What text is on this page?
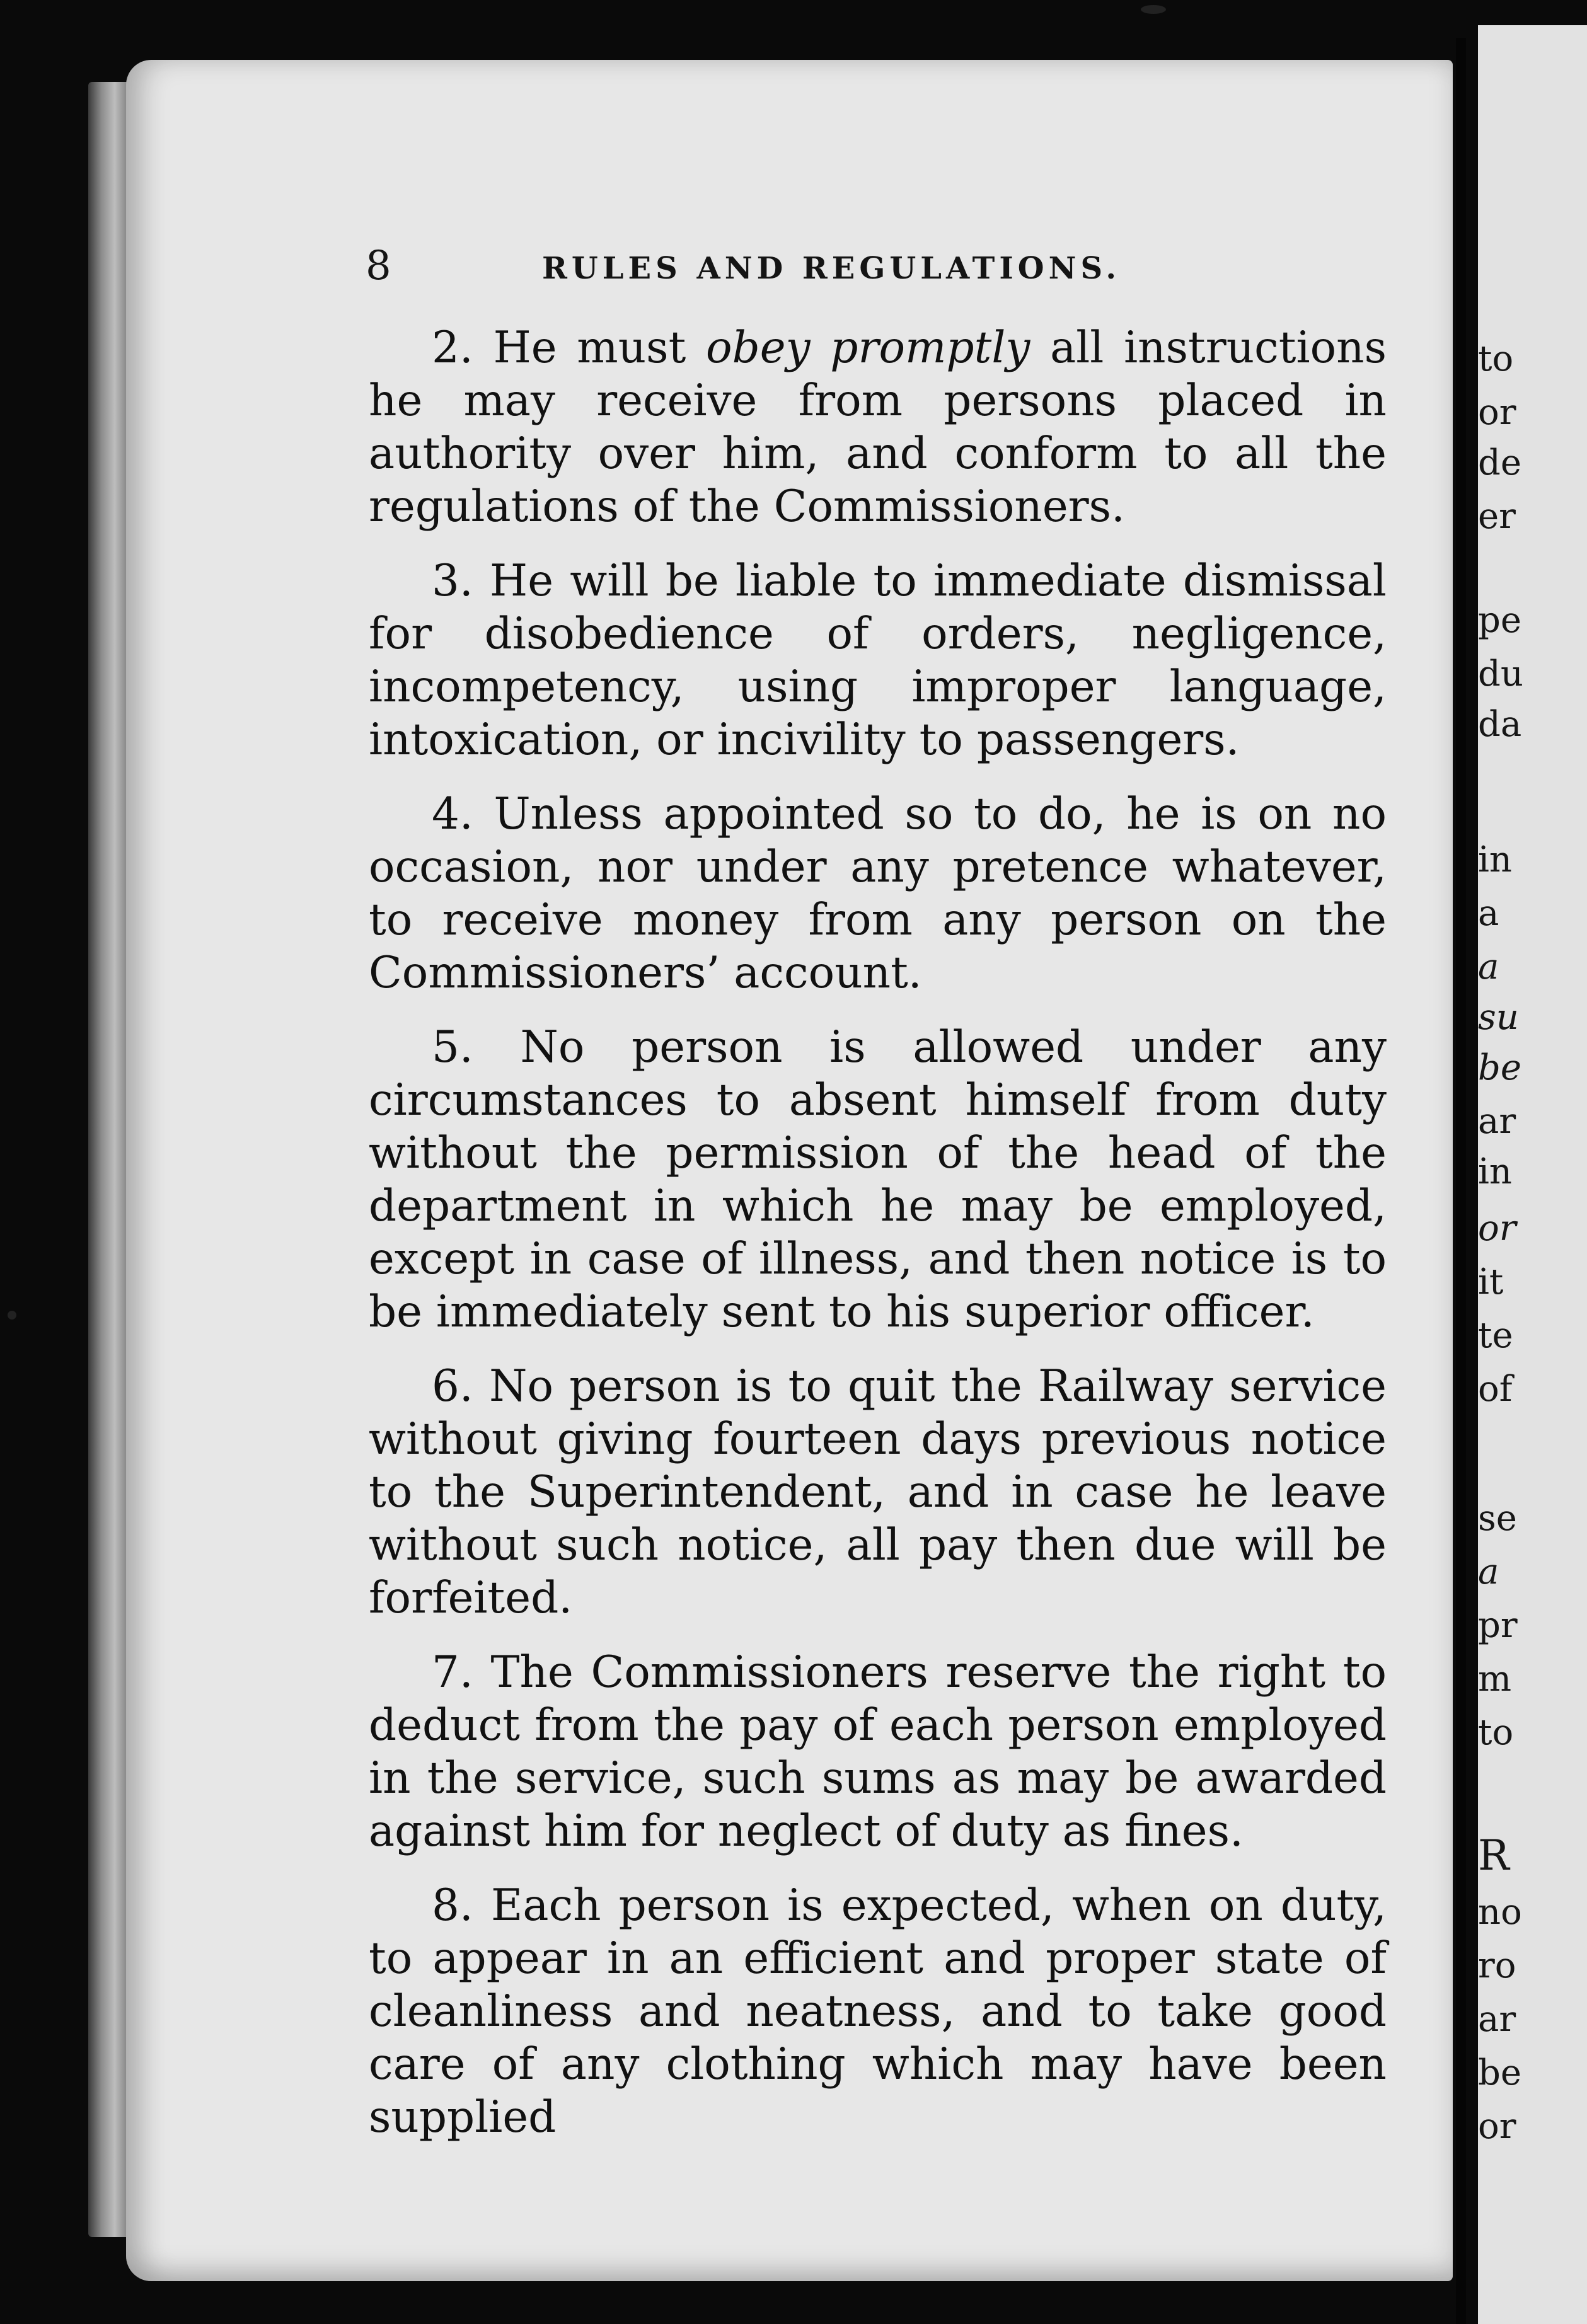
8	RULES AND REGULATIONS.

2. He must obey promptly all instructions he may receive from persons placed in authority over him, and conform to all the regulations of the Commissioners.

3. He will be liable to immediate dismissal for disobedience of orders, negligence, incompetency, using improper language, intoxication, or incivility to passengers.

4. Unless appointed so to do, he is on no occasion, nor under any pretence whatever, to receive money from any person on the Commissioners’ account.

5. No person is allowed under any circumstances to absent himself from duty without the permission of the head of the department in which he may be employed, except in case of illness, and then notice is to be immediately sent to his superior officer.

6. No person is to quit the Railway service without giving fourteen days previous notice to the Superintendent, and in case he leave without such notice, all pay then due will be forfeited.

7. The Commissioners reserve the right to deduct from the pay of each person employed in the service, such sums as may be awarded against him for neglect of duty as fines.

8. Each person is expected, when on duty, to appear in an efficient and proper state of cleanliness and neatness, and to take good care of any clothing which may have been supplied

to
or
de
er
pe
du
da
in
a
a
su
be
ar
in
or
it
te
of
se
a
pr
m
to
R
no
ro
ar
be
or
